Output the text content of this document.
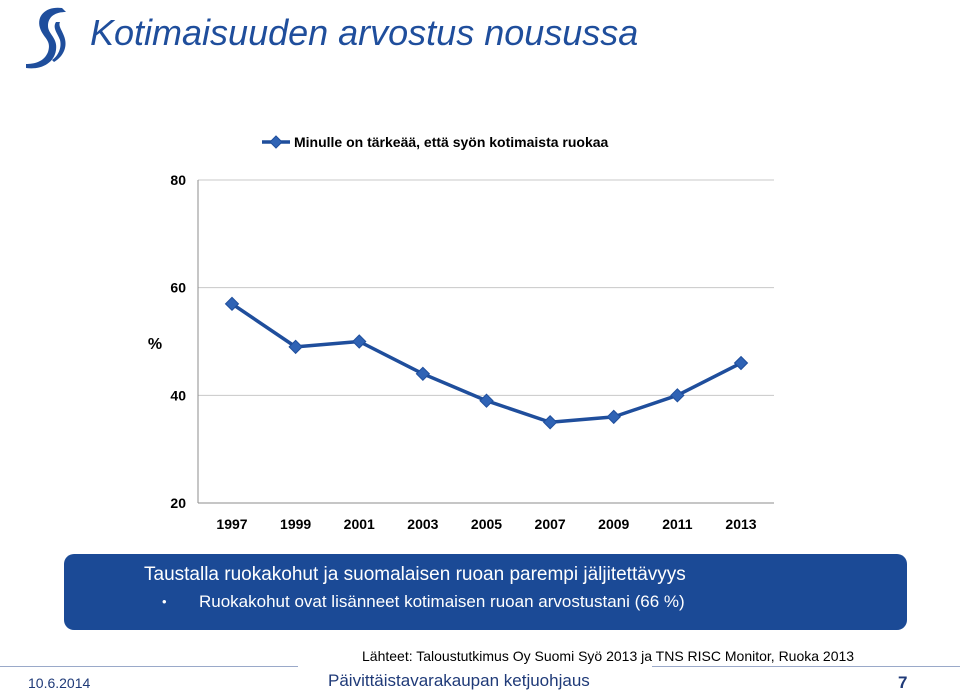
Kotimaisuuden arvostus nousussa
20
40
60
80
1997 1999 2001 2003 2005 2007 2009 2011 2013
%
Minulle on tärkeää, että syön kotimaista ruokaa
Taustalla ruokakohut ja suomalaisen ruoan parempi jäljitettävyys
• Ruokakohut ovat lisänneet kotimaisen ruoan arvostustani (66 %)
Lähteet: Taloustutkimus Oy Suomi Syö 2013 ja TNS RISC Monitor, Ruoka 2013
10.6.2014	Päivittäistavarakaupan ketjuohjaus	7
